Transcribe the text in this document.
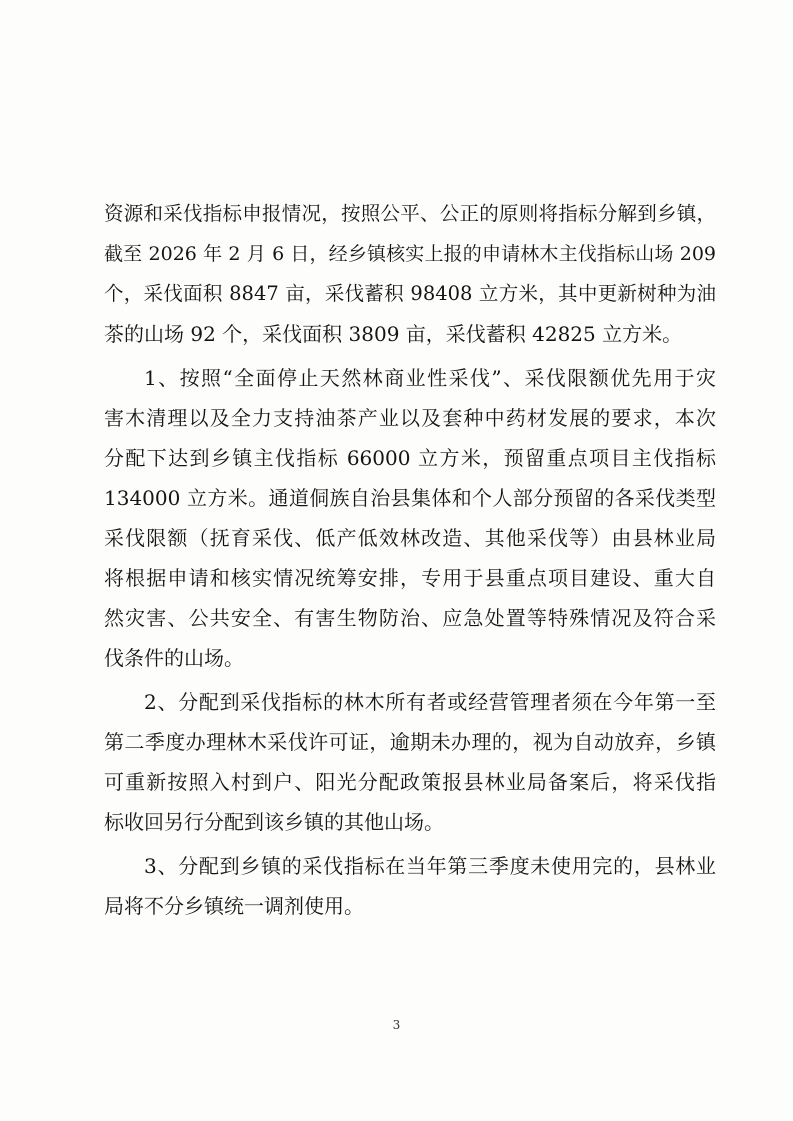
资源和采伐指标申报情况，按照公平、公正的原则将指标分解到乡镇，
截至 2026 年 2 月 6 日，经乡镇核实上报的申请林木主伐指标山场 209
个，采伐面积 8847 亩，采伐蓄积 98408 立方米，其中更新树种为油
茶的山场 92 个，采伐面积 3809 亩，采伐蓄积 42825 立方米。
1、按照“全面停止天然林商业性采伐”、采伐限额优先用于灾
害木清理以及全力支持油茶产业以及套种中药材发展的要求，本次
分配下达到乡镇主伐指标 66000 立方米，预留重点项目主伐指标
134000 立方米。通道侗族自治县集体和个人部分预留的各采伐类型
采伐限额（抚育采伐、低产低效林改造、其他采伐等）由县林业局
将根据申请和核实情况统筹安排，专用于县重点项目建设、重大自
然灾害、公共安全、有害生物防治、应急处置等特殊情况及符合采
伐条件的山场。
2、分配到采伐指标的林木所有者或经营管理者须在今年第一至
第二季度办理林木采伐许可证，逾期未办理的，视为自动放弃，乡镇
可重新按照入村到户、阳光分配政策报县林业局备案后，将采伐指
标收回另行分配到该乡镇的其他山场。
3、分配到乡镇的采伐指标在当年第三季度未使用完的，县林业
局将不分乡镇统一调剂使用。
3
